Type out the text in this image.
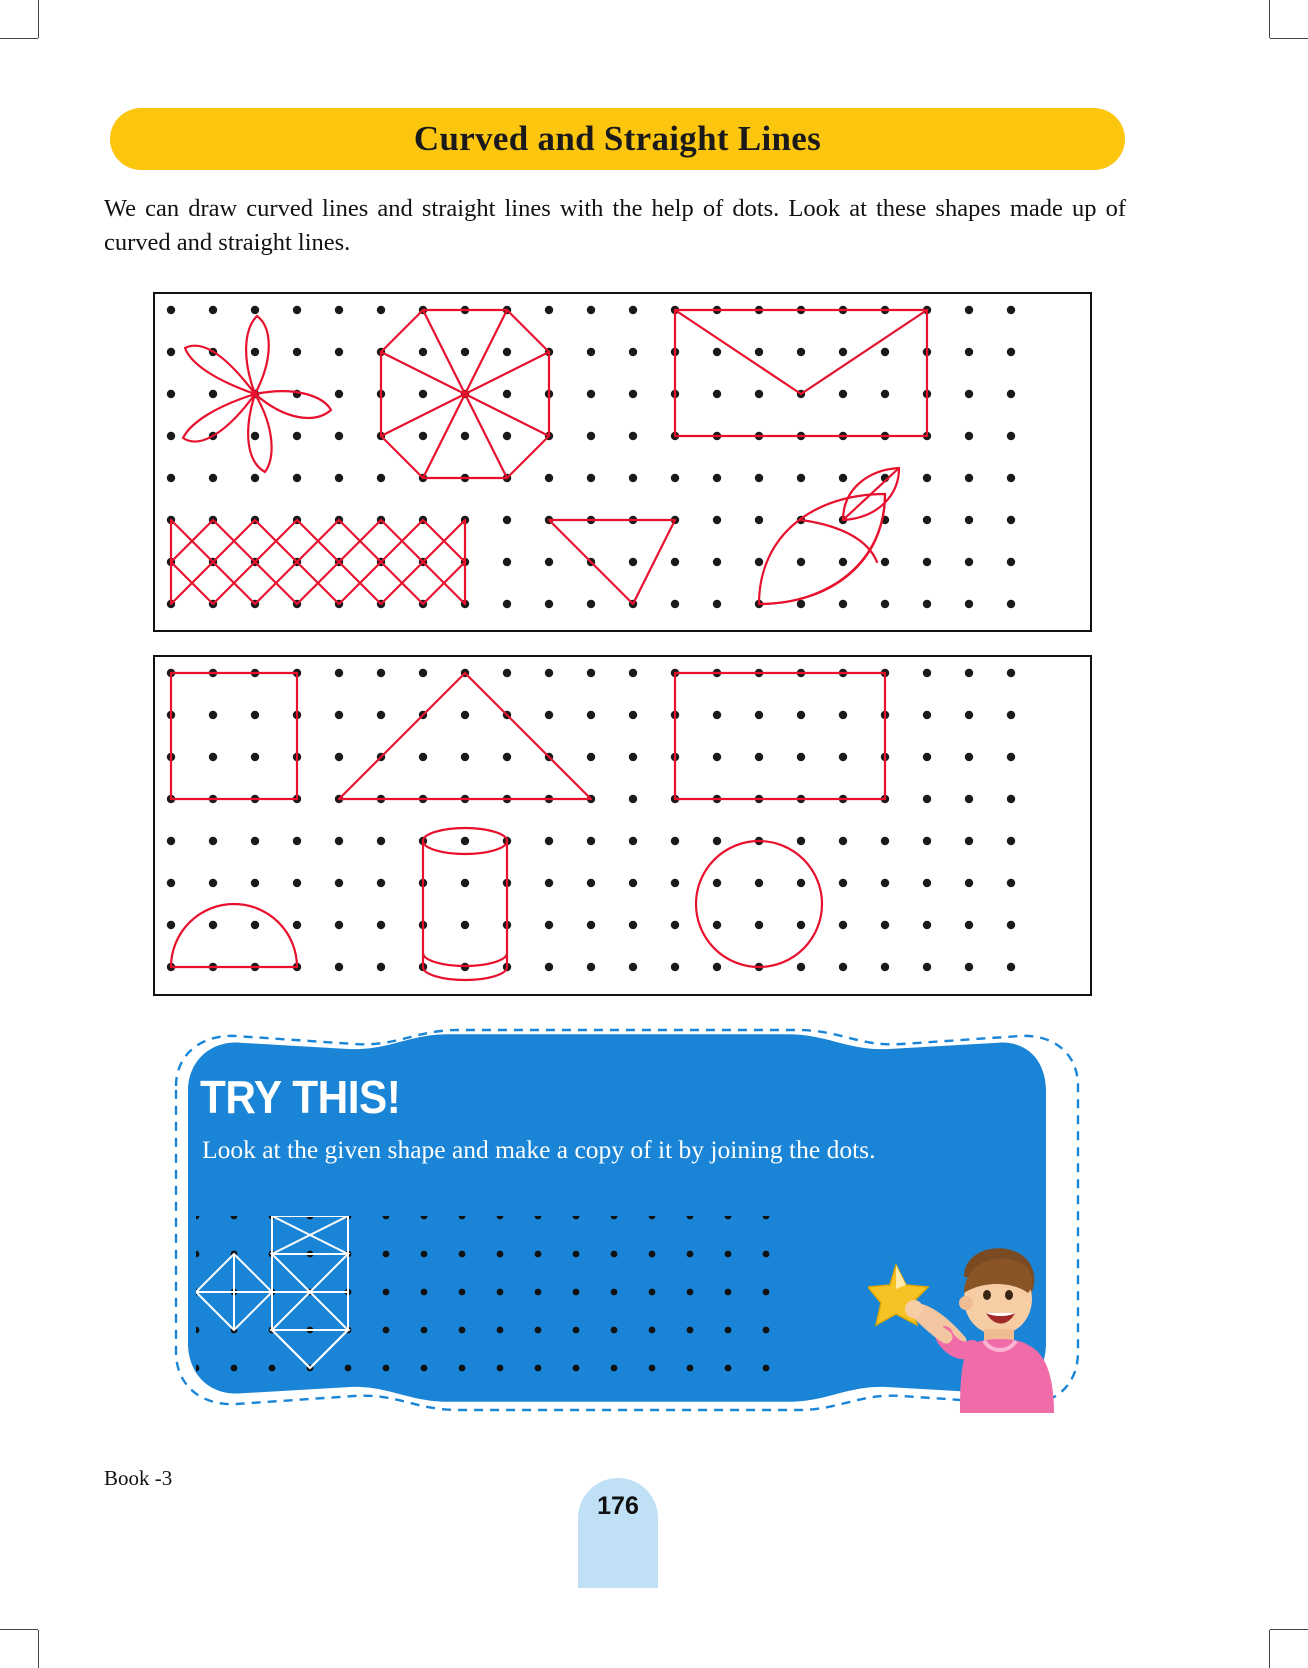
Curved and Straight Lines
We can draw curved lines and straight lines with the help of dots. Look at these shapes made up of curved and straight lines.
TRY THIS!
Look at the given shape and make a copy of it by joining the dots.
Book -3
176
